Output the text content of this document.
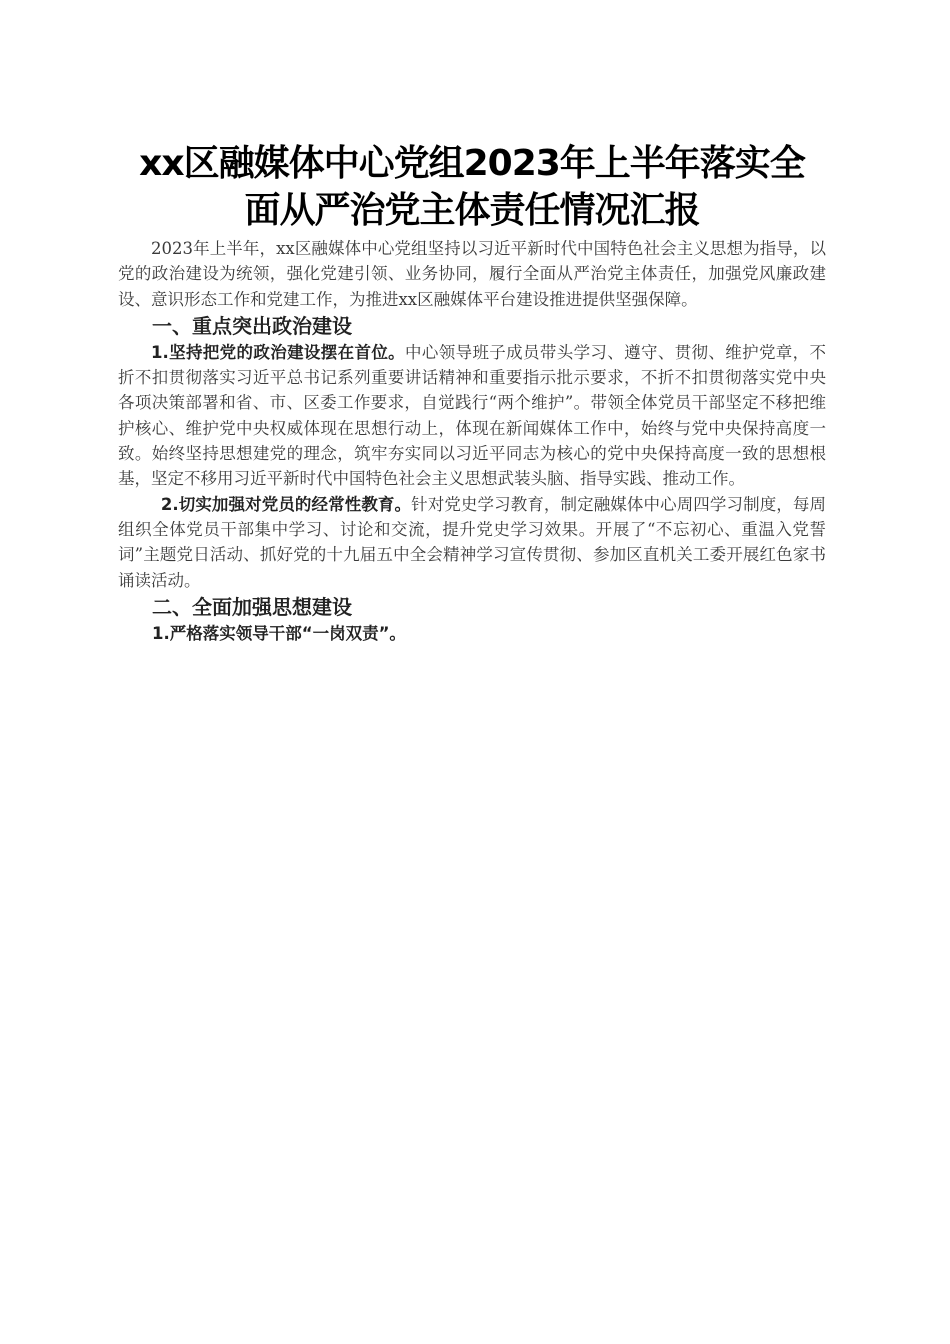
xx区融媒体中心党组2023年上半年落实全
面从严治党主体责任情况汇报

2023年上半年，xx区融媒体中心党组坚持以习近平新时代中国特色社会主义思想为指导，以党的政治建设为统领，强化党建引领、业务协同，履行全面从严治党主体责任，加强党风廉政建设、意识形态工作和党建工作，为推进xx区融媒体平台建设推进提供坚强保障。

一、重点突出政治建设

1.坚持把党的政治建设摆在首位。中心领导班子成员带头学习、遵守、贯彻、维护党章，不折不扣贯彻落实习近平总书记系列重要讲话精神和重要指示批示要求，不折不扣贯彻落实党中央各项决策部署和省、市、区委工作要求，自觉践行“两个维护”。带领全体党员干部坚定不移把维护核心、维护党中央权威体现在思想行动上，体现在新闻媒体工作中，始终与党中央保持高度一致。始终坚持思想建党的理念，筑牢夯实同以习近平同志为核心的党中央保持高度一致的思想根基，坚定不移用习近平新时代中国特色社会主义思想武装头脑、指导实践、推动工作。

2.切实加强对党员的经常性教育。针对党史学习教育，制定融媒体中心周四学习制度，每周组织全体党员干部集中学习、讨论和交流，提升党史学习效果。开展了“不忘初心、重温入党誓词”主题党日活动、抓好党的十九届五中全会精神学习宣传贯彻、参加区直机关工委开展红色家书诵读活动。

二、全面加强思想建设

1.严格落实领导干部“一岗双责”。
